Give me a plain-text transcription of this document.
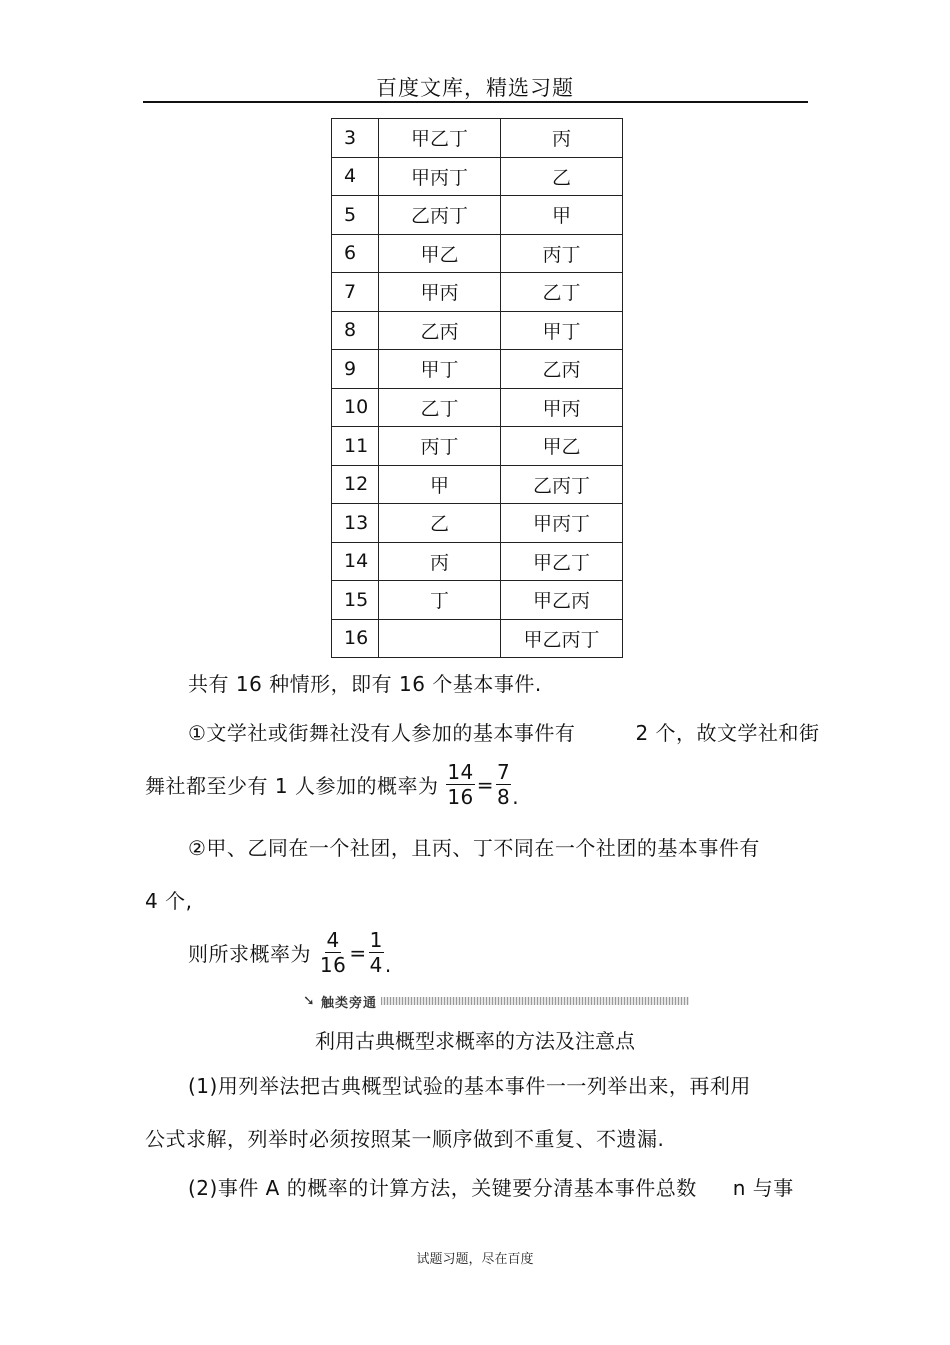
百度文库，精选习题
3	甲乙丁	丙
4	甲丙丁	乙
5	乙丙丁	甲
6	甲乙	丙丁
7	甲丙	乙丁
8	乙丙	甲丁
9	甲丁	乙丙
10	乙丁	甲丙
11	丙丁	甲乙
12	甲	乙丙丁
13	乙	甲丙丁
14	丙	甲乙丁
15	丁	甲乙丙
16		甲乙丙丁
共有 16 种情形，即有 16 个基本事件.
①文学社或街舞社没有人参加的基本事件有	2 个，故文学社和街
舞社都至少有 1 人参加的概率为 $\frac{14}{16} = \frac{7}{8}$ .
②甲、乙同在一个社团，且丙、丁不同在一个社团的基本事件有
4 个,
则所求概率为 $\frac{4}{16} = \frac{1}{4}$ .
➘ 触类旁通
利用古典概型求概率的方法及注意点
(1)用列举法把古典概型试验的基本事件一一列举出来，再利用
公式求解，列举时必须按照某一顺序做到不重复、不遗漏.
(2)事件 A 的概率的计算方法，关键要分清基本事件总数 n 与事
试题习题，尽在百度
